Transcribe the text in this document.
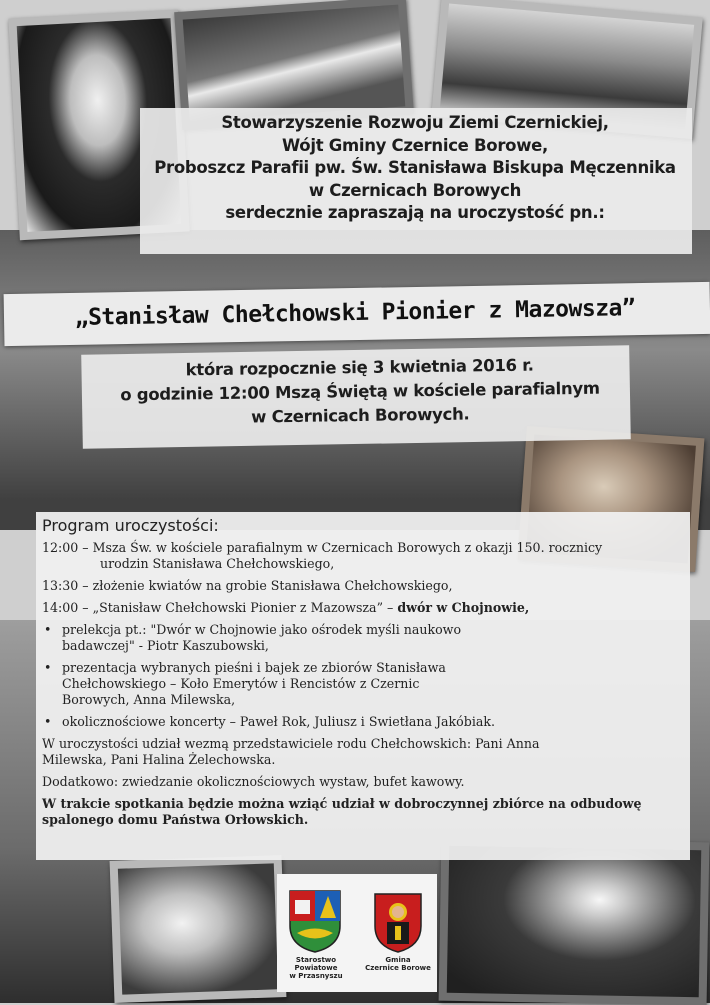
Stowarzyszenie Rozwoju Ziemi Czernickiej,
Wójt Gminy Czernice Borowe,
Proboszcz Parafii pw. Św. Stanisława Biskupa Męczennika
w Czernicach Borowych
serdecznie zapraszają na uroczystość pn.:
„Stanisław Chełchowski Pionier z Mazowsza”
która rozpocznie się 3 kwietnia 2016 r.
o godzinie 12:00 Mszą Świętą w kościele parafialnym
w Czernicach Borowych.
Program uroczystości:
12:00 – Msza Św. w kościele parafialnym w Czernicach Borowych z okazji 150. rocznicy
urodzin Stanisława Chełchowskiego,
13:30 – złożenie kwiatów na grobie Stanisława Chełchowskiego,
14:00 – „Stanisław Chełchowski Pionier z Mazowsza” – dwór w Chojnowie,
• prelekcja pt.: "Dwór w Chojnowie jako ośrodek myśli naukowo
badawczej" - Piotr Kaszubowski,
• prezentacja wybranych pieśni i bajek ze zbiorów Stanisława
Chełchowskiego – Koło Emerytów i Rencistów z Czernic
Borowych, Anna Milewska,
• okolicznościowe koncerty – Paweł Rok, Juliusz i Swietłana Jakóbiak.
W uroczystości udział wezmą przedstawiciele rodu Chełchowskich: Pani Anna
Milewska, Pani Halina Żelechowska.
Dodatkowo: zwiedzanie okolicznościowych wystaw, bufet kawowy.
W trakcie spotkania będzie można wziąć udział w dobroczynnej zbiórce na odbudowę
spalonego domu Państwa Orłowskich.
Starostwo Powiatowe
w Przasnyszu
Gmina
Czernice Borowe
